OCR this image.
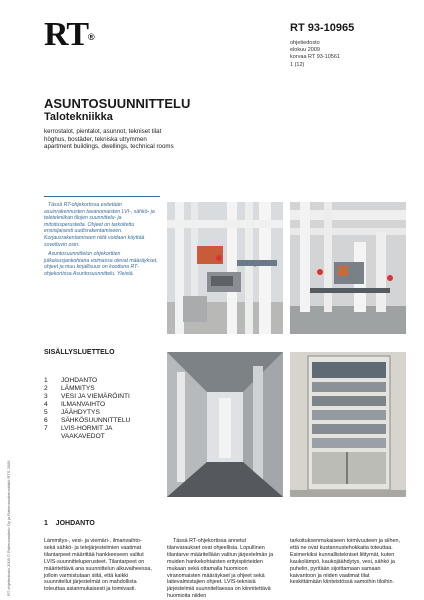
RT®
RT 93-10965
ohjetiedosto
elokuu 2009
korvaa RT 93-10561
1 (12)
ASUNTOSUUNNITTELU
Talotekniikka
kerrostalot, pientalot, asunnot, tekniset tilat
höghus, bostäder, tekniska utrymmen
apartment buildings, dwellings, technical rooms

Tässä RT-ohjekortissa esitetään asuinrakennusten tavanomaisten LVI-, sähkö- ja teletekniikan tilojen suunnittelu- ja mitoitusperusteita. Ohjeet on tarkoitettu ensisijaisesti uudisrakentamiseen. Korjausrakentamiseen niitä voidaan käyttää soveltuvin osin.

Asuntosuunnittelun ohjekorttien julkaisusjankohtana voimassa olevat määräykset, ohjeet ja muu kirjallisuus on koottuna RT-ohjekortissa Asuntosuunnittelu. Yleistä.

SISÄLLYSLUETTELO
1	JOHDANTO
2	LÄMMITYS
3	VESI JA VIEMÄRÖINTI
4	ILMANVAIHTO
5	JÄÄHDYTYS
6	SÄHKÖSUUNNITTELU
7	LVIS-HORMIT JA
VAAKAVEDOT
1    JOHDANTO
Lämmitys-, vesi- ja viemäri-, ilmanvaihto- sekä sähkö- ja telejärjestelmien vaatimat tilantarpeet määrittää hankkeeseen valitut LVIS-suunnitteluperusteet. Tilantarpeet on määritettävä ana suunnittelun alkuvaiheessa, jolloin varmistutaan siitä, että kaikki suunnitellut järjestelmät on mahdollista toteuttaa asianmukaisesti ja toimivasti.
Tässä RT-ohjekortissa annetut tilanvaraukset ovat ohjeellisia. Lopullinen tilantarve määritellään valitun järjestelmän ja muiden hankekohtaisten erityispiirteiden mukaan sekä ottamalla huomioon viranomaisten määräykset ja ohjeet sekä laitevalmistajien ohjeet. LVIS-teknisiä järjestelmiä suunniteltaessa on kiinnitettävä huomioita niiden
tarkoituksenmukaiseen toimivuuteen ja siihen, että ne ovat kustannustehokkaita toteuttaa. Esimerkiksi kunnallistekniset liittymät, kuten kaukolämpö, kaukojäähdytys, vesi, sähkö ja puhelin, pyritään sijoittamaan samaan kaivantoon ja niiden vaatimat tilat keskittämään kiinteistössä samoihin tiloihin.
RT ohjetiedosto 2009 © Rakennustieto Oy ja Rakennustietosäätiö RTS 2009
